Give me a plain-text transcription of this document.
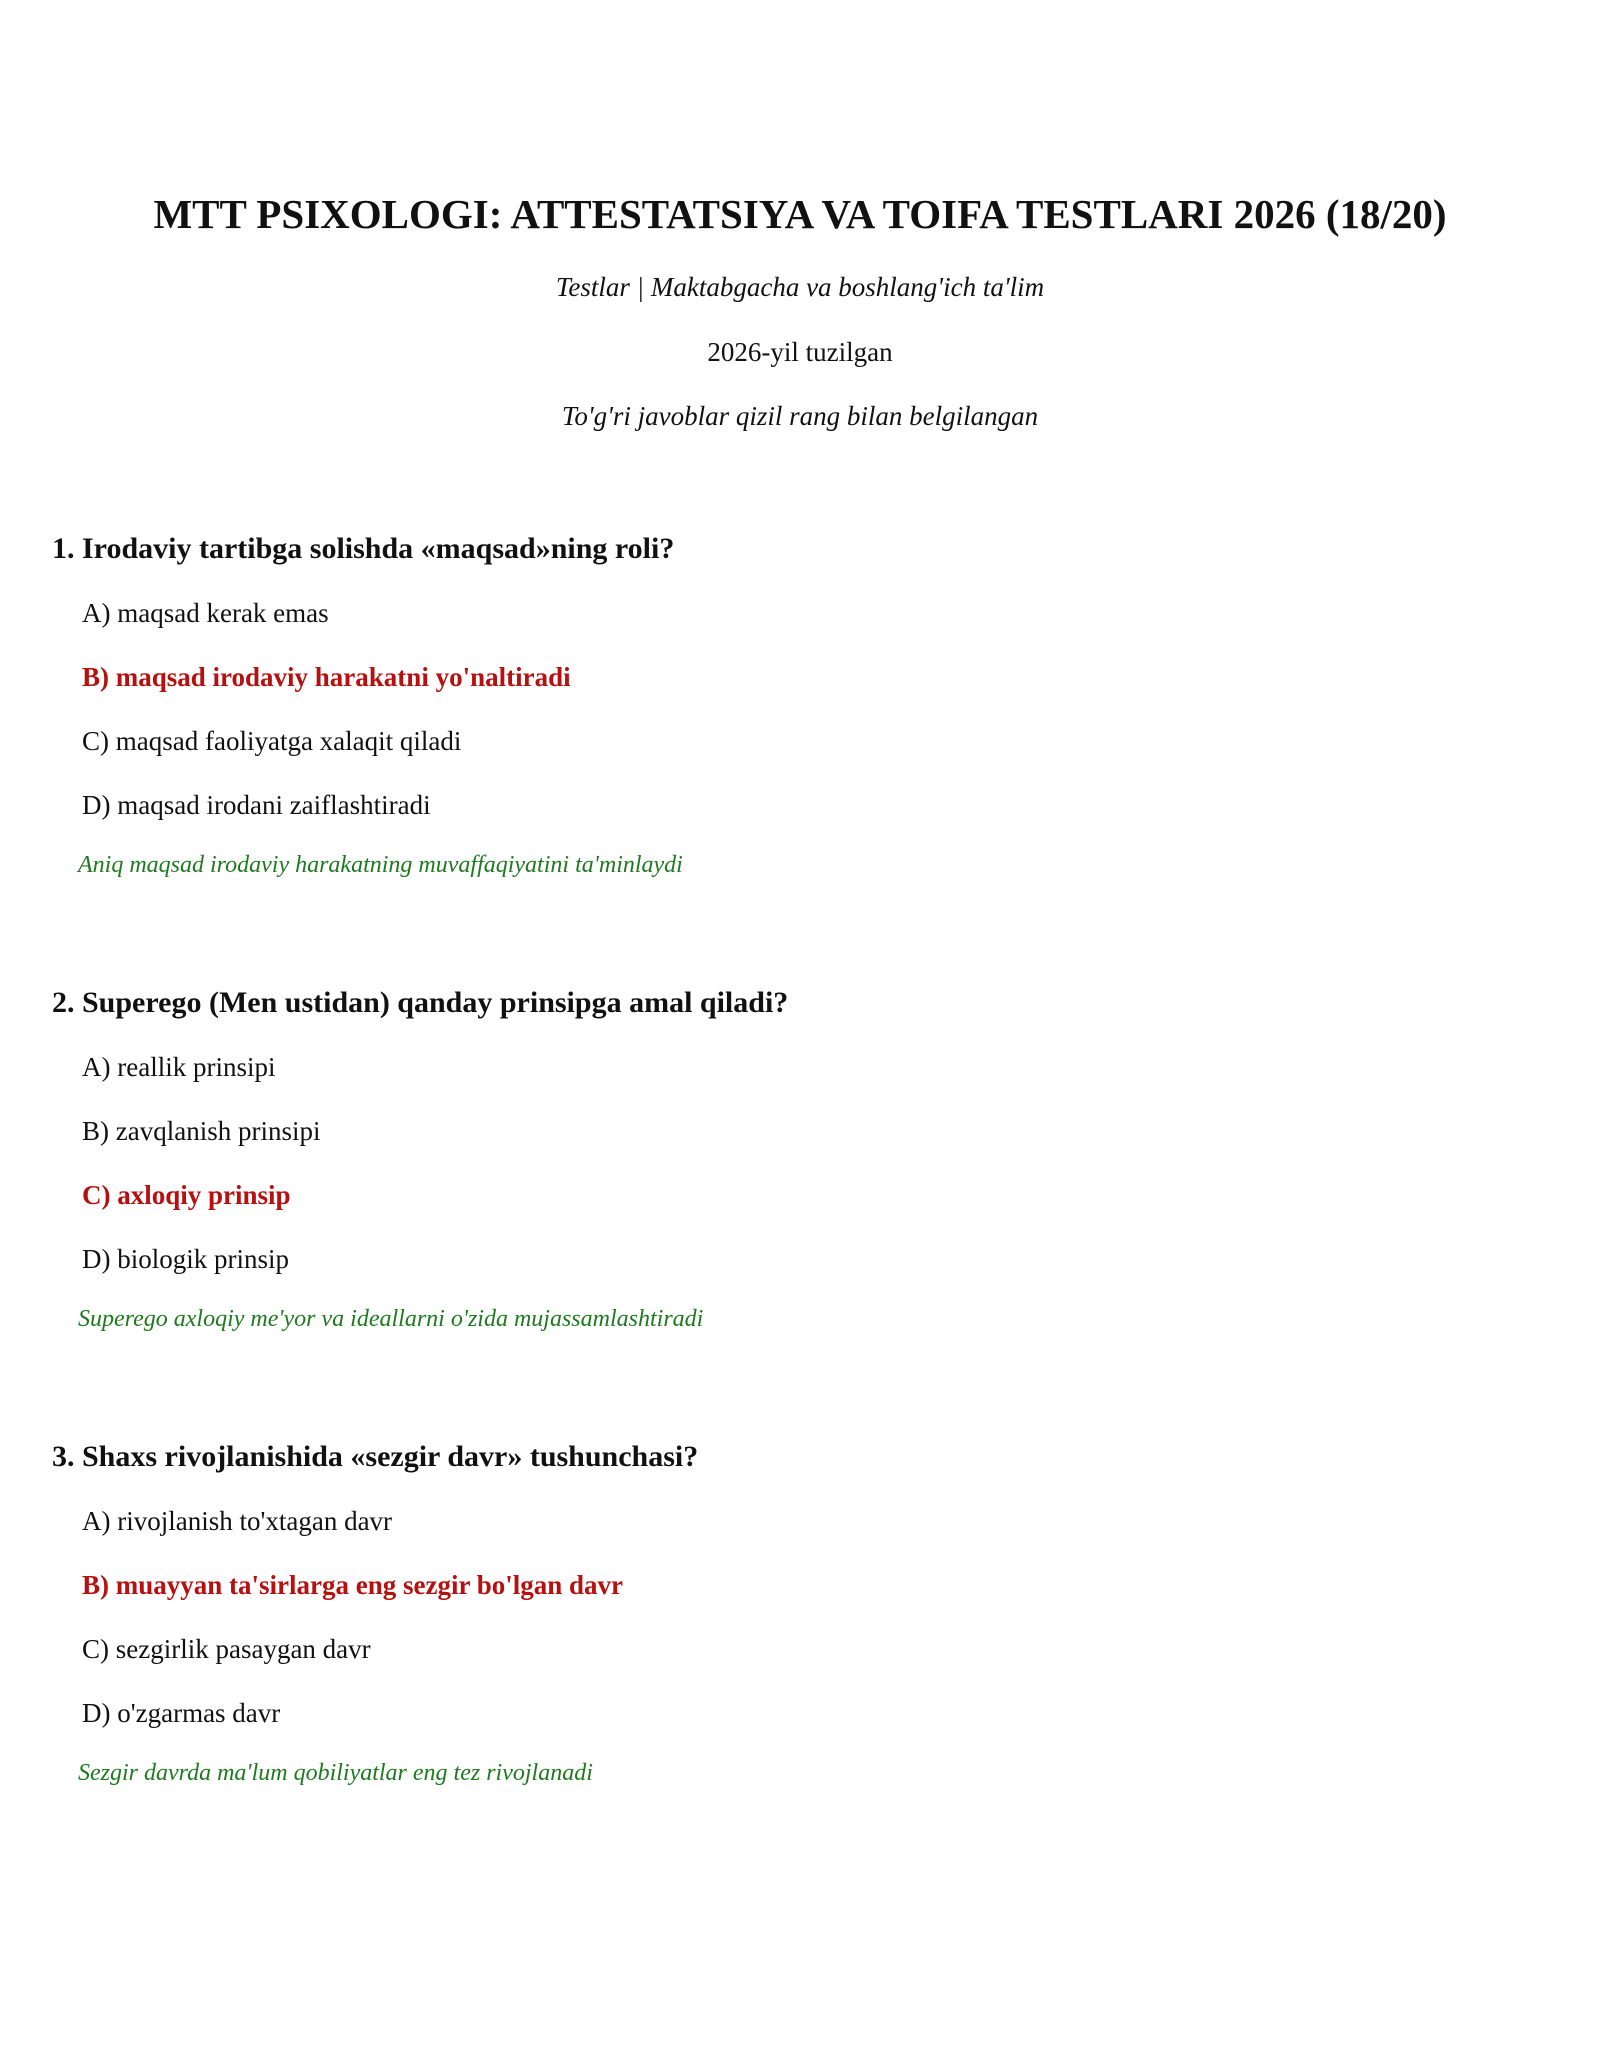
MTT PSIXOLOGI: ATTESTATSIYA VA TOIFA TESTLARI 2026 (18/20)

Testlar | Maktabgacha va boshlang'ich ta'lim

2026-yil tuzilgan

To'g'ri javoblar qizil rang bilan belgilangan

1. Irodaviy tartibga solishda «maqsad»ning roli?
A) maqsad kerak emas
B) maqsad irodaviy harakatni yo'naltiradi
C) maqsad faoliyatga xalaqit qiladi
D) maqsad irodani zaiflashtiradi
Aniq maqsad irodaviy harakatning muvaffaqiyatini ta'minlaydi
2. Superego (Men ustidan) qanday prinsipga amal qiladi?
A) reallik prinsipi
B) zavqlanish prinsipi
C) axloqiy prinsip
D) biologik prinsip
Superego axloqiy me'yor va ideallarni o'zida mujassamlashtiradi
3. Shaxs rivojlanishida «sezgir davr» tushunchasi?
A) rivojlanish to'xtagan davr
B) muayyan ta'sirlarga eng sezgir bo'lgan davr
C) sezgirlik pasaygan davr
D) o'zgarmas davr
Sezgir davrda ma'lum qobiliyatlar eng tez rivojlanadi
